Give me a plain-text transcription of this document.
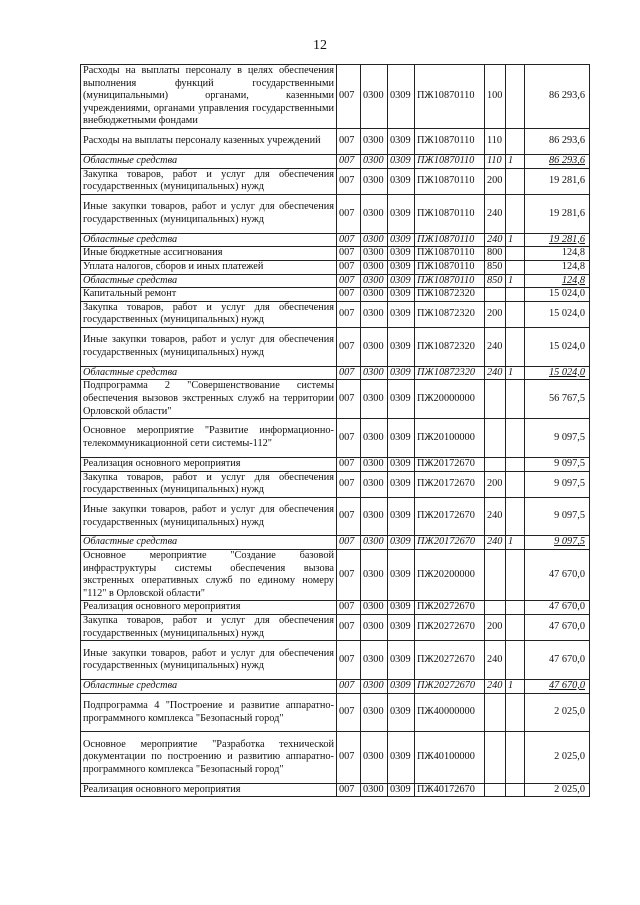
12
Расходы на выплаты персоналу в целях обеспечения выполнения функций государственными (муниципальными) органами, казенными учреждениями, органами управления государственными внебюджетными фондами	007	0300	0309	ПЖ10870110	100		86 293,6
Расходы на выплаты персоналу казенных учреждений	007	0300	0309	ПЖ10870110	110		86 293,6
Областные средства	007	0300	0309	ПЖ10870110	110	1	86 293,6
Закупка товаров, работ и услуг для обеспечения государственных (муниципальных) нужд	007	0300	0309	ПЖ10870110	200		19 281,6
Иные закупки товаров, работ и услуг для обеспечения государственных (муниципальных) нужд	007	0300	0309	ПЖ10870110	240		19 281,6
Областные средства	007	0300	0309	ПЖ10870110	240	1	19 281,6
Иные бюджетные ассигнования	007	0300	0309	ПЖ10870110	800		124,8
Уплата налогов, сборов и иных платежей	007	0300	0309	ПЖ10870110	850		124,8
Областные средства	007	0300	0309	ПЖ10870110	850	1	124,8
Капитальный ремонт	007	0300	0309	ПЖ10872320			15 024,0
Закупка товаров, работ и услуг для обеспечения государственных (муниципальных) нужд	007	0300	0309	ПЖ10872320	200		15 024,0
Иные закупки товаров, работ и услуг для обеспечения государственных (муниципальных) нужд	007	0300	0309	ПЖ10872320	240		15 024,0
Областные средства	007	0300	0309	ПЖ10872320	240	1	15 024,0
Подпрограмма 2 "Совершенствование системы обеспечения вызовов экстренных служб на территории Орловской области"	007	0300	0309	ПЖ20000000			56 767,5
Основное мероприятие "Развитие информационно-телекоммуникационной сети системы-112"	007	0300	0309	ПЖ20100000			9 097,5
Реализация основного мероприятия	007	0300	0309	ПЖ20172670			9 097,5
Закупка товаров, работ и услуг для обеспечения государственных (муниципальных) нужд	007	0300	0309	ПЖ20172670	200		9 097,5
Иные закупки товаров, работ и услуг для обеспечения государственных (муниципальных) нужд	007	0300	0309	ПЖ20172670	240		9 097,5
Областные средства	007	0300	0309	ПЖ20172670	240	1	9 097,5
Основное мероприятие "Создание базовой инфраструктуры системы обеспечения вызова экстренных оперативных служб по единому номеру "112" в Орловской области"	007	0300	0309	ПЖ20200000			47 670,0
Реализация основного мероприятия	007	0300	0309	ПЖ20272670			47 670,0
Закупка товаров, работ и услуг для обеспечения государственных (муниципальных) нужд	007	0300	0309	ПЖ20272670	200		47 670,0
Иные закупки товаров, работ и услуг для обеспечения государственных (муниципальных) нужд	007	0300	0309	ПЖ20272670	240		47 670,0
Областные средства	007	0300	0309	ПЖ20272670	240	1	47 670,0
Подпрограмма 4 "Построение и развитие аппаратно-программного комплекса "Безопасный город"	007	0300	0309	ПЖ40000000			2 025,0
Основное мероприятие "Разработка технической документации по построению и развитию аппаратно-программного комплекса "Безопасный город"	007	0300	0309	ПЖ40100000			2 025,0
Реализация основного мероприятия	007	0300	0309	ПЖ40172670			2 025,0
